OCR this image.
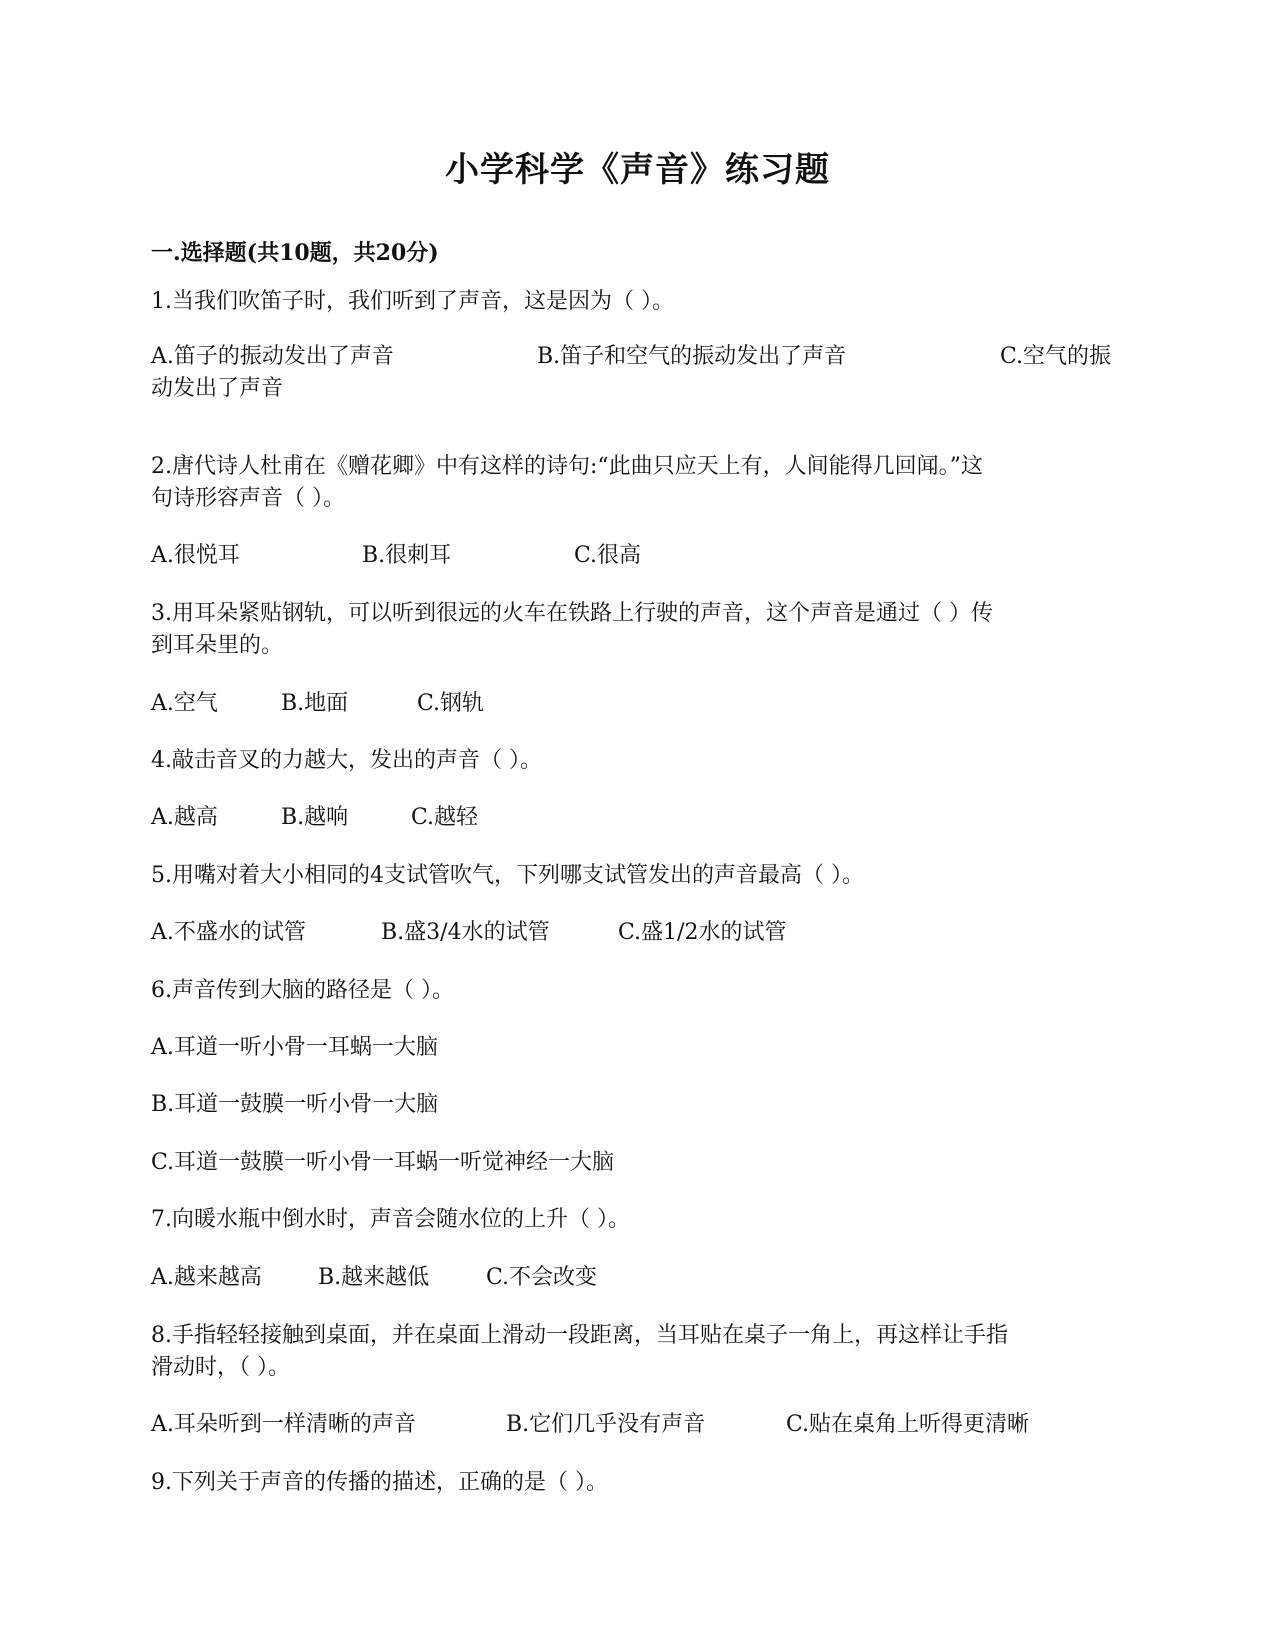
小学科学《声音》练习题
一.选择题(共10题，共20分)
1.当我们吹笛子时，我们听到了声音，这是因为（ ）。
A.笛子的振动发出了声音	B.笛子和空气的振动发出了声音	C.空气的振
动发出了声音
2.唐代诗人杜甫在《赠花卿》中有这样的诗句:“此曲只应天上有，人间能得几回闻。”这
句诗形容声音（ ）。
A.很悦耳	B.很刺耳	C.很高
3.用耳朵紧贴钢轨，可以听到很远的火车在铁路上行驶的声音，这个声音是通过（ ）传
到耳朵里的。
A.空气	B.地面	C.钢轨
4.敲击音叉的力越大，发出的声音（ ）。
A.越高	B.越响	C.越轻
5.用嘴对着大小相同的4支试管吹气，下列哪支试管发出的声音最高（ ）。
A.不盛水的试管	B.盛3/4水的试管	C.盛1/2水的试管
6.声音传到大脑的路径是（ ）。
A.耳道一听小骨一耳蜗一大脑
B.耳道一鼓膜一听小骨一大脑
C.耳道一鼓膜一听小骨一耳蜗一听觉神经一大脑
7.向暖水瓶中倒水时，声音会随水位的上升（ ）。
A.越来越高	B.越来越低	C.不会改变
8.手指轻轻接触到桌面，并在桌面上滑动一段距离，当耳贴在桌子一角上，再这样让手指
滑动时，（ ）。
A.耳朵听到一样清晰的声音	B.它们几乎没有声音	C.贴在桌角上听得更清晰
9.下列关于声音的传播的描述，正确的是（ ）。
